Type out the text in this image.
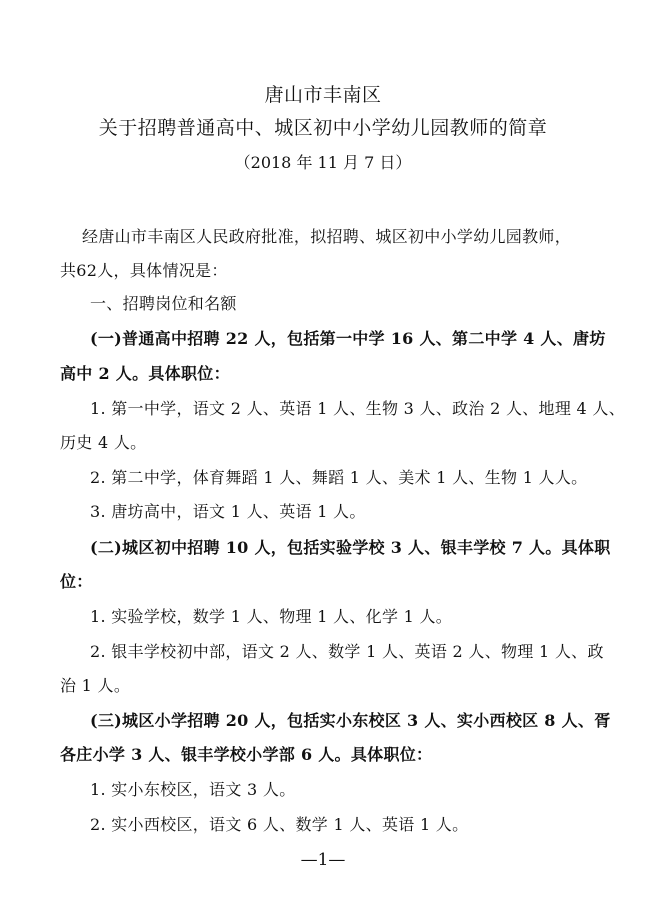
唐山市丰南区
关于招聘普通高中、城区初中小学幼儿园教师的简章
（2018 年 11 月 7 日）
经唐山市丰南区人民政府批准，拟招聘、城区初中小学幼儿园教师，
共62人，具体情况是：
一、招聘岗位和名额
(一)普通高中招聘 22 人，包括第一中学 16 人、第二中学 4 人、唐坊
高中 2 人。具体职位：
1. 第一中学，语文 2 人、英语 1 人、生物 3 人、政治 2 人、地理 4 人、
历史 4 人。
2. 第二中学，体育舞蹈 1 人、舞蹈 1 人、美术 1 人、生物 1 人人。
3. 唐坊高中，语文 1 人、英语 1 人。
(二)城区初中招聘 10 人，包括实验学校 3 人、银丰学校 7 人。具体职
位：
1. 实验学校，数学 1 人、物理 1 人、化学 1 人。
2. 银丰学校初中部，语文 2 人、数学 1 人、英语 2 人、物理 1 人、政
治 1 人。
(三)城区小学招聘 20 人，包括实小东校区 3 人、实小西校区 8 人、胥
各庄小学 3 人、银丰学校小学部 6 人。具体职位：
1. 实小东校区，语文 3 人。
2. 实小西校区，语文 6 人、数学 1 人、英语 1 人。
—1—
